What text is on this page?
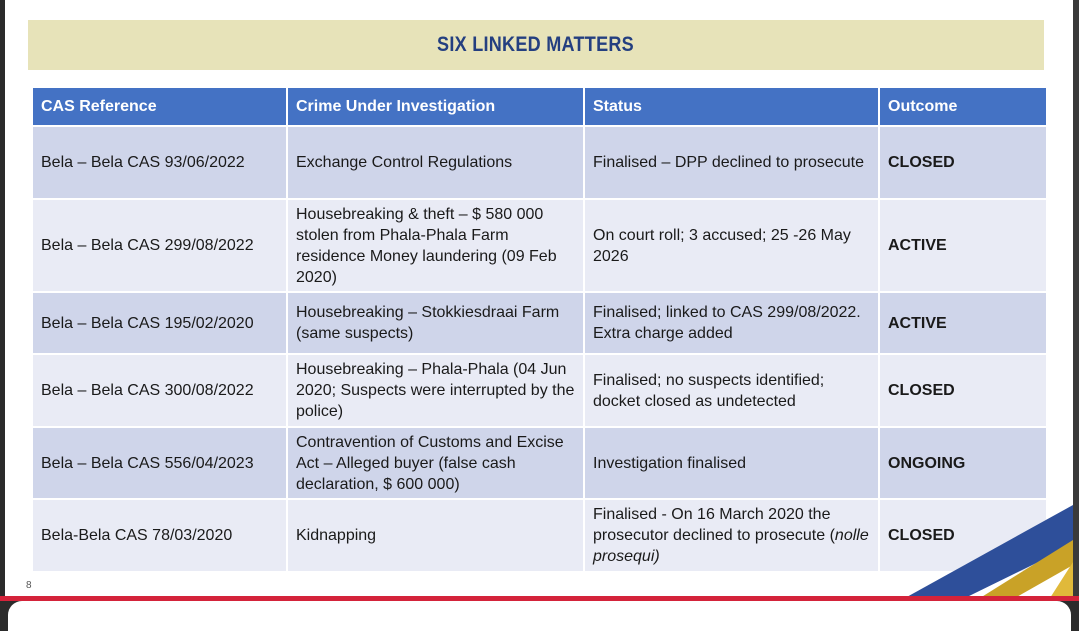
SIX LINKED MATTERS
CAS Reference	Crime Under Investigation	Status	Outcome
Bela – Bela CAS 93/06/2022	Exchange Control Regulations	Finalised – DPP declined to prosecute	CLOSED
Bela – Bela CAS 299/08/2022	Housebreaking & theft – $ 580 000 stolen from Phala-Phala Farm residence Money laundering (09 Feb 2020)	On court roll; 3 accused; 25 -26 May 2026	ACTIVE
Bela – Bela CAS 195/02/2020	Housebreaking – Stokkiesdraai Farm (same suspects)	Finalised; linked to CAS 299/08/2022. Extra charge added	ACTIVE
Bela – Bela CAS 300/08/2022	Housebreaking – Phala-Phala (04 Jun 2020; Suspects were interrupted by the police)	Finalised; no suspects identified; docket closed as undetected	CLOSED
Bela – Bela CAS 556/04/2023	Contravention of Customs and Excise Act – Alleged buyer (false cash declaration, $ 600 000)	Investigation finalised	ONGOING
Bela-Bela CAS 78/03/2020	Kidnapping	Finalised - On 16 March 2020 the prosecutor declined to prosecute (nolle prosequi)	CLOSED
8
